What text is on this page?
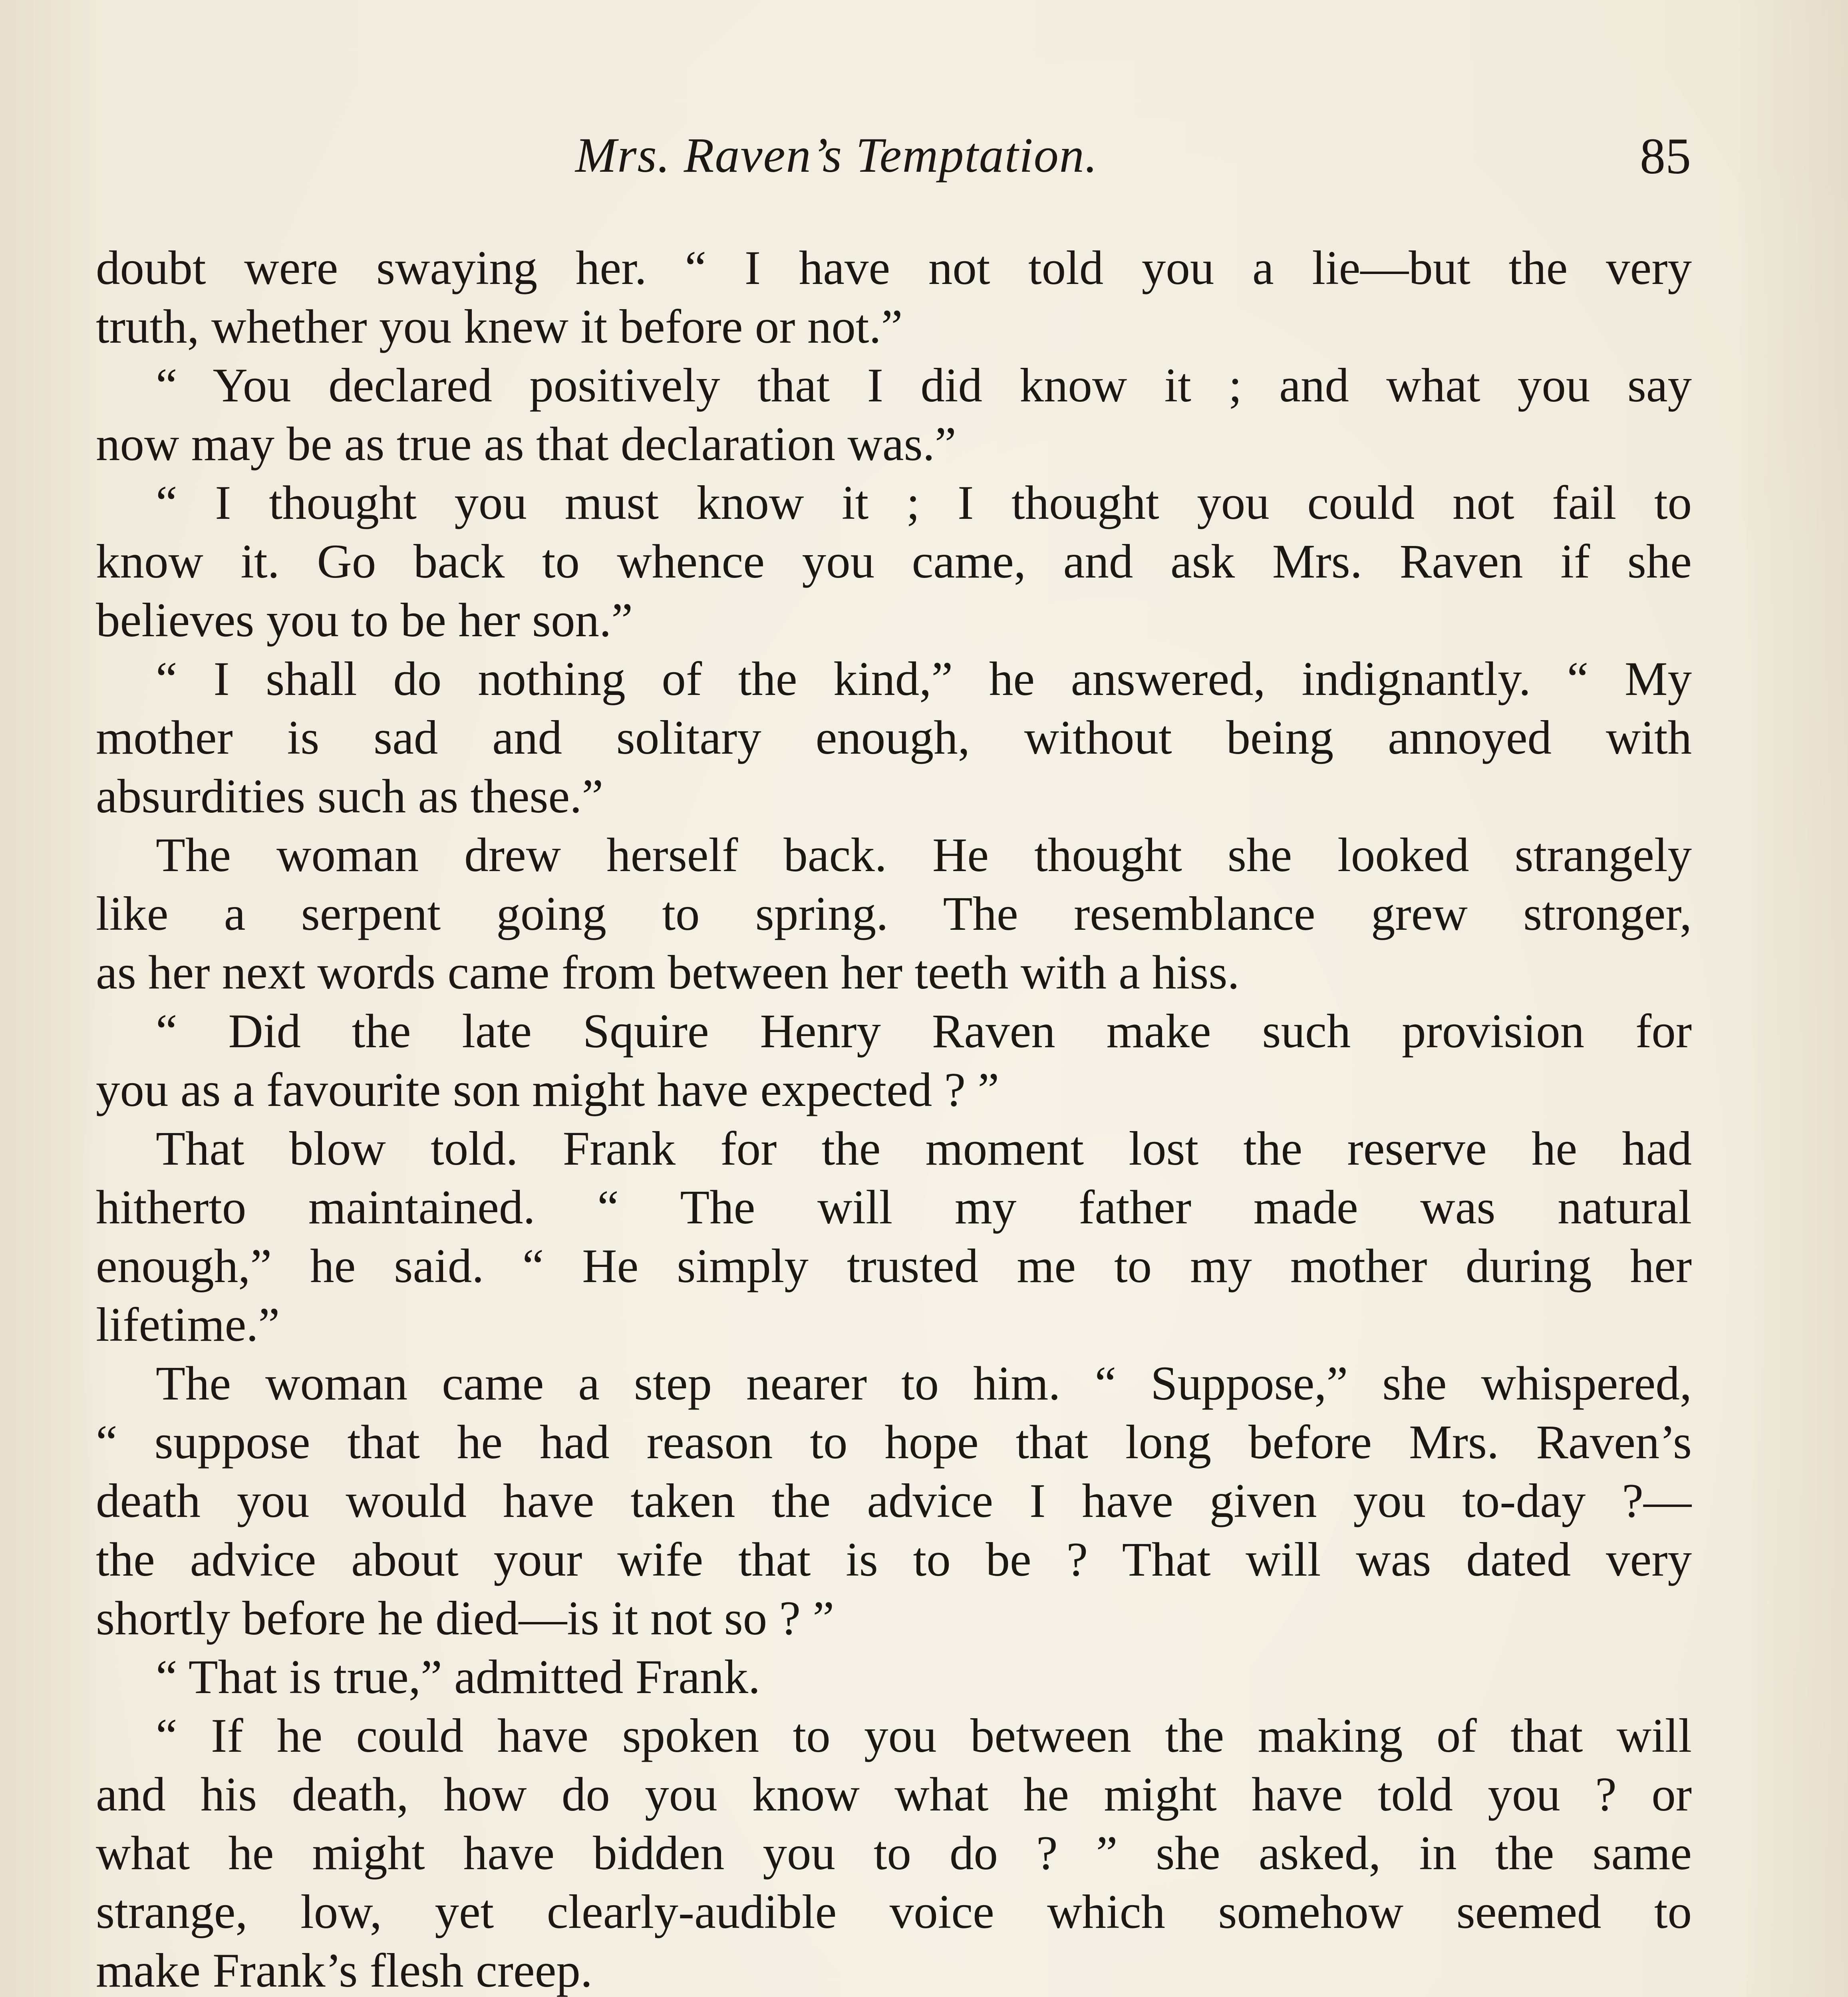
Mrs. Raven’s Temptation.	85
doubt were swaying her. “ I have not told you a lie—but the very
truth, whether you knew it before or not.”
“ You declared positively that I did know it ; and what you say
now may be as true as that declaration was.”
“ I thought you must know it ; I thought you could not fail to
know it. Go back to whence you came, and ask Mrs. Raven if she
believes you to be her son.”
“ I shall do nothing of the kind,” he answered, indignantly. “ My
mother is sad and solitary enough, without being annoyed with
absurdities such as these.”
The woman drew herself back. He thought she looked strangely
like a serpent going to spring. The resemblance grew stronger,
as her next words came from between her teeth with a hiss.
“ Did the late Squire Henry Raven make such provision for
you as a favourite son might have expected ? ”
That blow told. Frank for the moment lost the reserve he had
hitherto maintained. “ The will my father made was natural
enough,” he said. “ He simply trusted me to my mother during her
lifetime.”
The woman came a step nearer to him. “ Suppose,” she whispered,
“ suppose that he had reason to hope that long before Mrs. Raven’s
death you would have taken the advice I have given you to-day ?—
the advice about your wife that is to be ? That will was dated very
shortly before he died—is it not so ? ”
“ That is true,” admitted Frank.
“ If he could have spoken to you between the making of that will
and his death, how do you know what he might have told you ? or
what he might have bidden you to do ? ” she asked, in the same
strange, low, yet clearly-audible voice which somehow seemed to
make Frank’s flesh creep.
